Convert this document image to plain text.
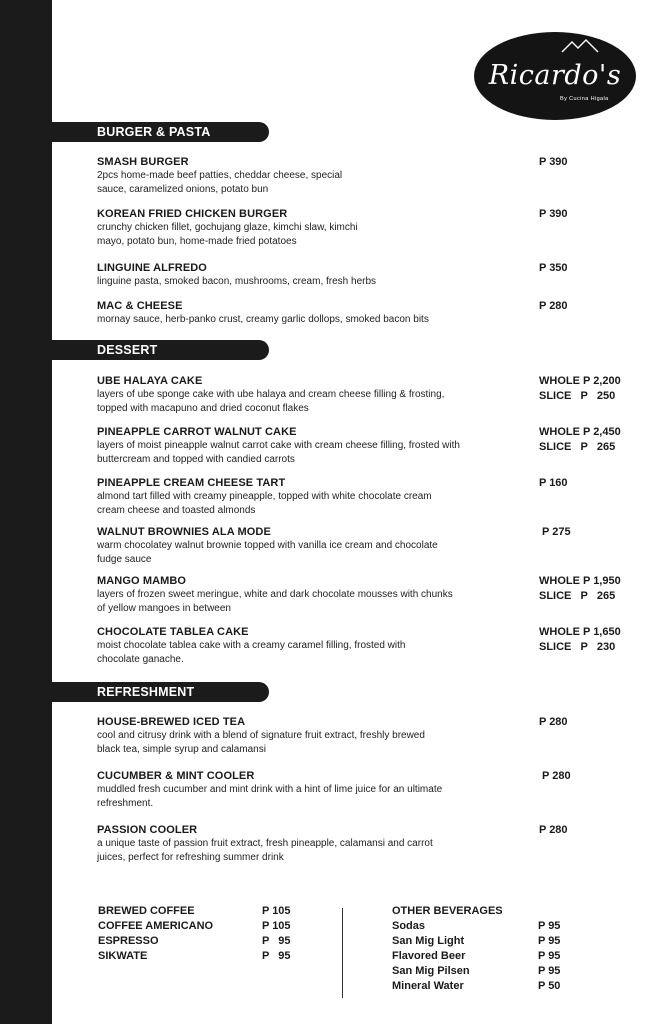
Ricardo's
By Cucina Higala
BURGER & PASTA
SMASH BURGER
2pcs home-made beef patties, cheddar cheese, special sauce, caramelized onions, potato bun
P 390
KOREAN FRIED CHICKEN BURGER
crunchy chicken fillet, gochujang glaze, kimchi slaw, kimchi mayo, potato bun, home-made fried potatoes
P 390
LINGUINE ALFREDO
linguine pasta, smoked bacon, mushrooms, cream, fresh herbs
P 350
MAC & CHEESE
mornay sauce, herb-panko crust, creamy garlic dollops, smoked bacon bits
P 280
DESSERT
UBE HALAYA CAKE
layers of ube sponge cake with ube halaya and cream cheese filling & frosting, topped with macapuno and dried coconut flakes
WHOLE P 2,200
SLICE   P   250
PINEAPPLE CARROT WALNUT CAKE
layers of moist pineapple walnut carrot cake with cream cheese filling, frosted with buttercream and topped with candied carrots
WHOLE P 2,450
SLICE   P   265
PINEAPPLE CREAM CHEESE TART
almond tart filled with creamy pineapple, topped with white chocolate cream cream cheese and toasted almonds
P 160
WALNUT BROWNIES ALA MODE
warm chocolatey walnut brownie topped with vanilla ice cream and chocolate fudge sauce
P 275
MANGO MAMBO
layers of frozen sweet meringue, white and dark chocolate mousses with chunks of yellow mangoes in between
WHOLE P 1,950
SLICE   P   265
CHOCOLATE TABLEA CAKE
moist chocolate tablea cake with a creamy caramel filling, frosted with chocolate ganache.
WHOLE P 1,650
SLICE   P   230
REFRESHMENT
HOUSE-BREWED ICED TEA
cool and citrusy drink with a blend of signature fruit extract, freshly brewed black tea, simple syrup and calamansi
P 280
CUCUMBER & MINT COOLER
muddled fresh cucumber and mint drink with a hint of lime juice for an ultimate refreshment.
P 280
PASSION COOLER
a unique taste of passion fruit extract, fresh pineapple, calamansi and carrot juices, perfect for refreshing summer drink
P 280
BREWED COFFEE	P 105
COFFEE AMERICANO	P 105
ESPRESSO	P   95
SIKWATE	P   95
OTHER BEVERAGES
Sodas	P 95
San Mig Light	P 95
Flavored Beer	P 95
San Mig Pilsen	P 95
Mineral Water	P 50
